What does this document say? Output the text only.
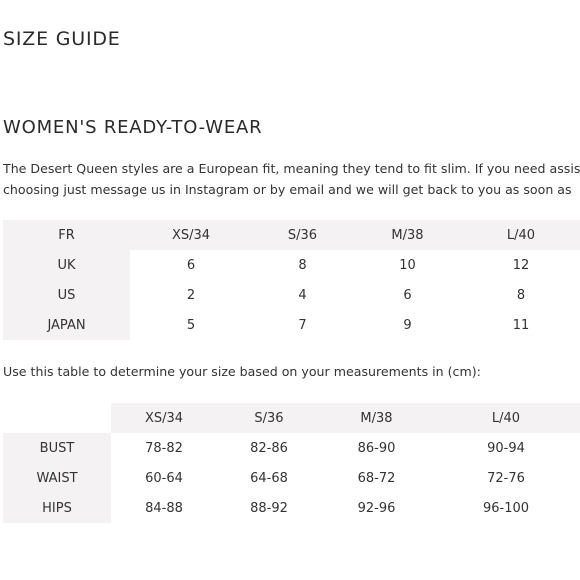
SIZE GUIDE
WOMEN'S READY-TO-WEAR
The Desert Queen styles are a European fit, meaning they tend to fit slim. If you need assis
choosing just message us in Instagram or by email and we will get back to you as soon as
FR	XS/34	S/36	M/38	L/40
UK	6	8	10	12
US	2	4	6	8
JAPAN	5	7	9	11
Use this table to determine your size based on your measurements in (cm):
	XS/34	S/36	M/38	L/40
BUST	78-82	82-86	86-90	90-94
WAIST	60-64	64-68	68-72	72-76
HIPS	84-88	88-92	92-96	96-100
